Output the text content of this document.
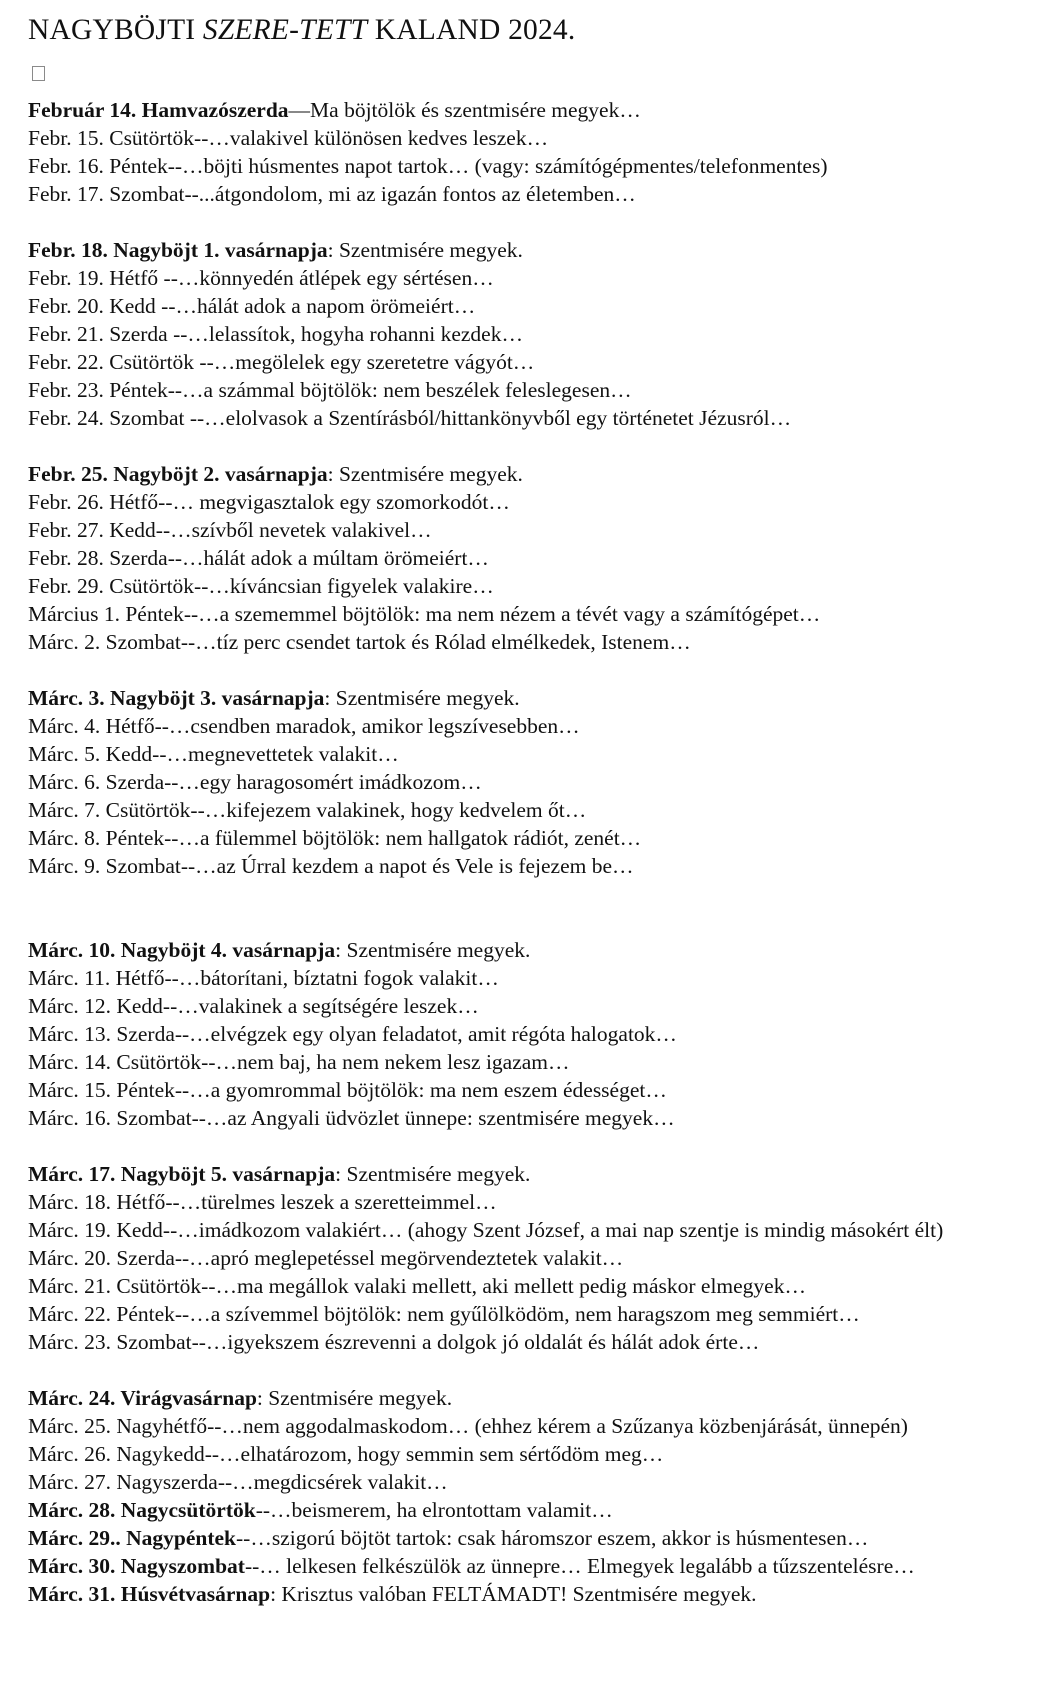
NAGYBÖJTI SZERE-TETT KALAND 2024.
Február 14. Hamvazószerda—Ma böjtölök és szentmisére megyek…
Febr. 15. Csütörtök--…valakivel különösen kedves leszek…
Febr. 16. Péntek--…böjti húsmentes napot tartok… (vagy: számítógépmentes/telefonmentes)
Febr. 17. Szombat--...átgondolom, mi az igazán fontos az életemben…
Febr. 18. Nagyböjt 1. vasárnapja: Szentmisére megyek.
Febr. 19. Hétfő --…könnyedén átlépek egy sértésen…
Febr. 20. Kedd --…hálát adok a napom örömeiért…
Febr. 21. Szerda --…lelassítok, hogyha rohanni kezdek…
Febr. 22. Csütörtök --…megölelek egy szeretetre vágyót…
Febr. 23. Péntek--…a számmal böjtölök: nem beszélek feleslegesen…
Febr. 24. Szombat --…elolvasok a Szentírásból/hittankönyvből egy történetet Jézusról…
Febr. 25. Nagyböjt 2. vasárnapja: Szentmisére megyek.
Febr. 26. Hétfő--… megvigasztalok egy szomorkodót…
Febr. 27. Kedd--…szívből nevetek valakivel…
Febr. 28. Szerda--…hálát adok a múltam örömeiért…
Febr. 29. Csütörtök--…kíváncsian figyelek valakire…
Március 1. Péntek--…a szememmel böjtölök: ma nem nézem a tévét vagy a számítógépet…
Márc. 2. Szombat--…tíz perc csendet tartok és Rólad elmélkedek, Istenem…
Márc. 3. Nagyböjt 3. vasárnapja: Szentmisére megyek.
Márc. 4. Hétfő--…csendben maradok, amikor legszívesebben…
Márc. 5. Kedd--…megnevettetek valakit…
Márc. 6. Szerda--…egy haragosomért imádkozom…
Márc. 7. Csütörtök--…kifejezem valakinek, hogy kedvelem őt…
Márc. 8. Péntek--…a fülemmel böjtölök: nem hallgatok rádiót, zenét…
Márc. 9. Szombat--…az Úrral kezdem a napot és Vele is fejezem be…
Márc. 10. Nagyböjt 4. vasárnapja: Szentmisére megyek.
Márc. 11. Hétfő--…bátorítani, bíztatni fogok valakit…
Márc. 12. Kedd--…valakinek a segítségére leszek…
Márc. 13. Szerda--…elvégzek egy olyan feladatot, amit régóta halogatok…
Márc. 14. Csütörtök--…nem baj, ha nem nekem lesz igazam…
Márc. 15. Péntek--…a gyomrommal böjtölök: ma nem eszem édességet…
Márc. 16. Szombat--…az Angyali üdvözlet ünnepe: szentmisére megyek…
Márc. 17. Nagyböjt 5. vasárnapja: Szentmisére megyek.
Márc. 18. Hétfő--…türelmes leszek a szeretteimmel…
Márc. 19. Kedd--…imádkozom valakiért… (ahogy Szent József, a mai nap szentje is mindig másokért élt)
Márc. 20. Szerda--…apró meglepetéssel megörvendeztetek valakit…
Márc. 21. Csütörtök--…ma megállok valaki mellett, aki mellett pedig máskor elmegyek…
Márc. 22. Péntek--…a szívemmel böjtölök: nem gyűlölködöm, nem haragszom meg semmiért…
Márc. 23. Szombat--…igyekszem észrevenni a dolgok jó oldalát és hálát adok érte…
Márc. 24. Virágvasárnap: Szentmisére megyek.
Márc. 25. Nagyhétfő--…nem aggodalmaskodom… (ehhez kérem a Szűzanya közbenjárását, ünnepén)
Márc. 26. Nagykedd--…elhatározom, hogy semmin sem sértődöm meg…
Márc. 27. Nagyszerda--…megdicsérek valakit…
Márc. 28. Nagycsütörtök--…beismerem, ha elrontottam valamit…
Márc. 29.. Nagypéntek--…szigorú böjtöt tartok: csak háromszor eszem, akkor is húsmentesen…
Márc. 30. Nagyszombat--… lelkesen felkészülök az ünnepre… Elmegyek legalább a tűzszentelésre…
Márc. 31. Húsvétvasárnap: Krisztus valóban FELTÁMADT! Szentmisére megyek.
